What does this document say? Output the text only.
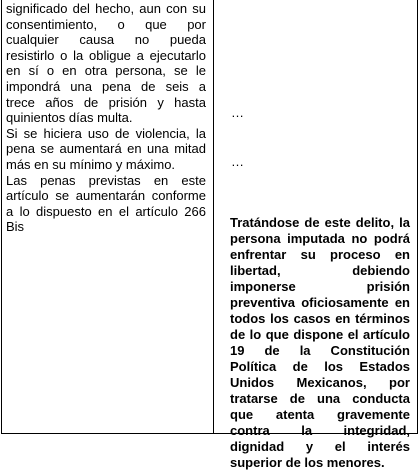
significado del hecho, aun con su consentimiento, o que por cualquier causa no pueda resistirlo o la obligue a ejecutarlo en sí o en otra persona, se le impondrá una pena de seis a trece años de prisión y hasta quinientos días multa.

Si se hiciera uso de violencia, la pena se aumentará en una mitad más en su mínimo y máximo.

Las penas previstas en este artículo se aumentarán conforme a lo dispuesto en el artículo 266 Bis

…
…

Tratándose de este delito, la persona imputada no podrá enfrentar su proceso en libertad, debiendo imponerse prisión preventiva oficiosamente en todos los casos en términos de lo que dispone el artículo 19 de la Constitución Política de los Estados Unidos Mexicanos, por tratarse de una conducta que atenta gravemente contra la integridad, dignidad y el interés superior de los menores.
